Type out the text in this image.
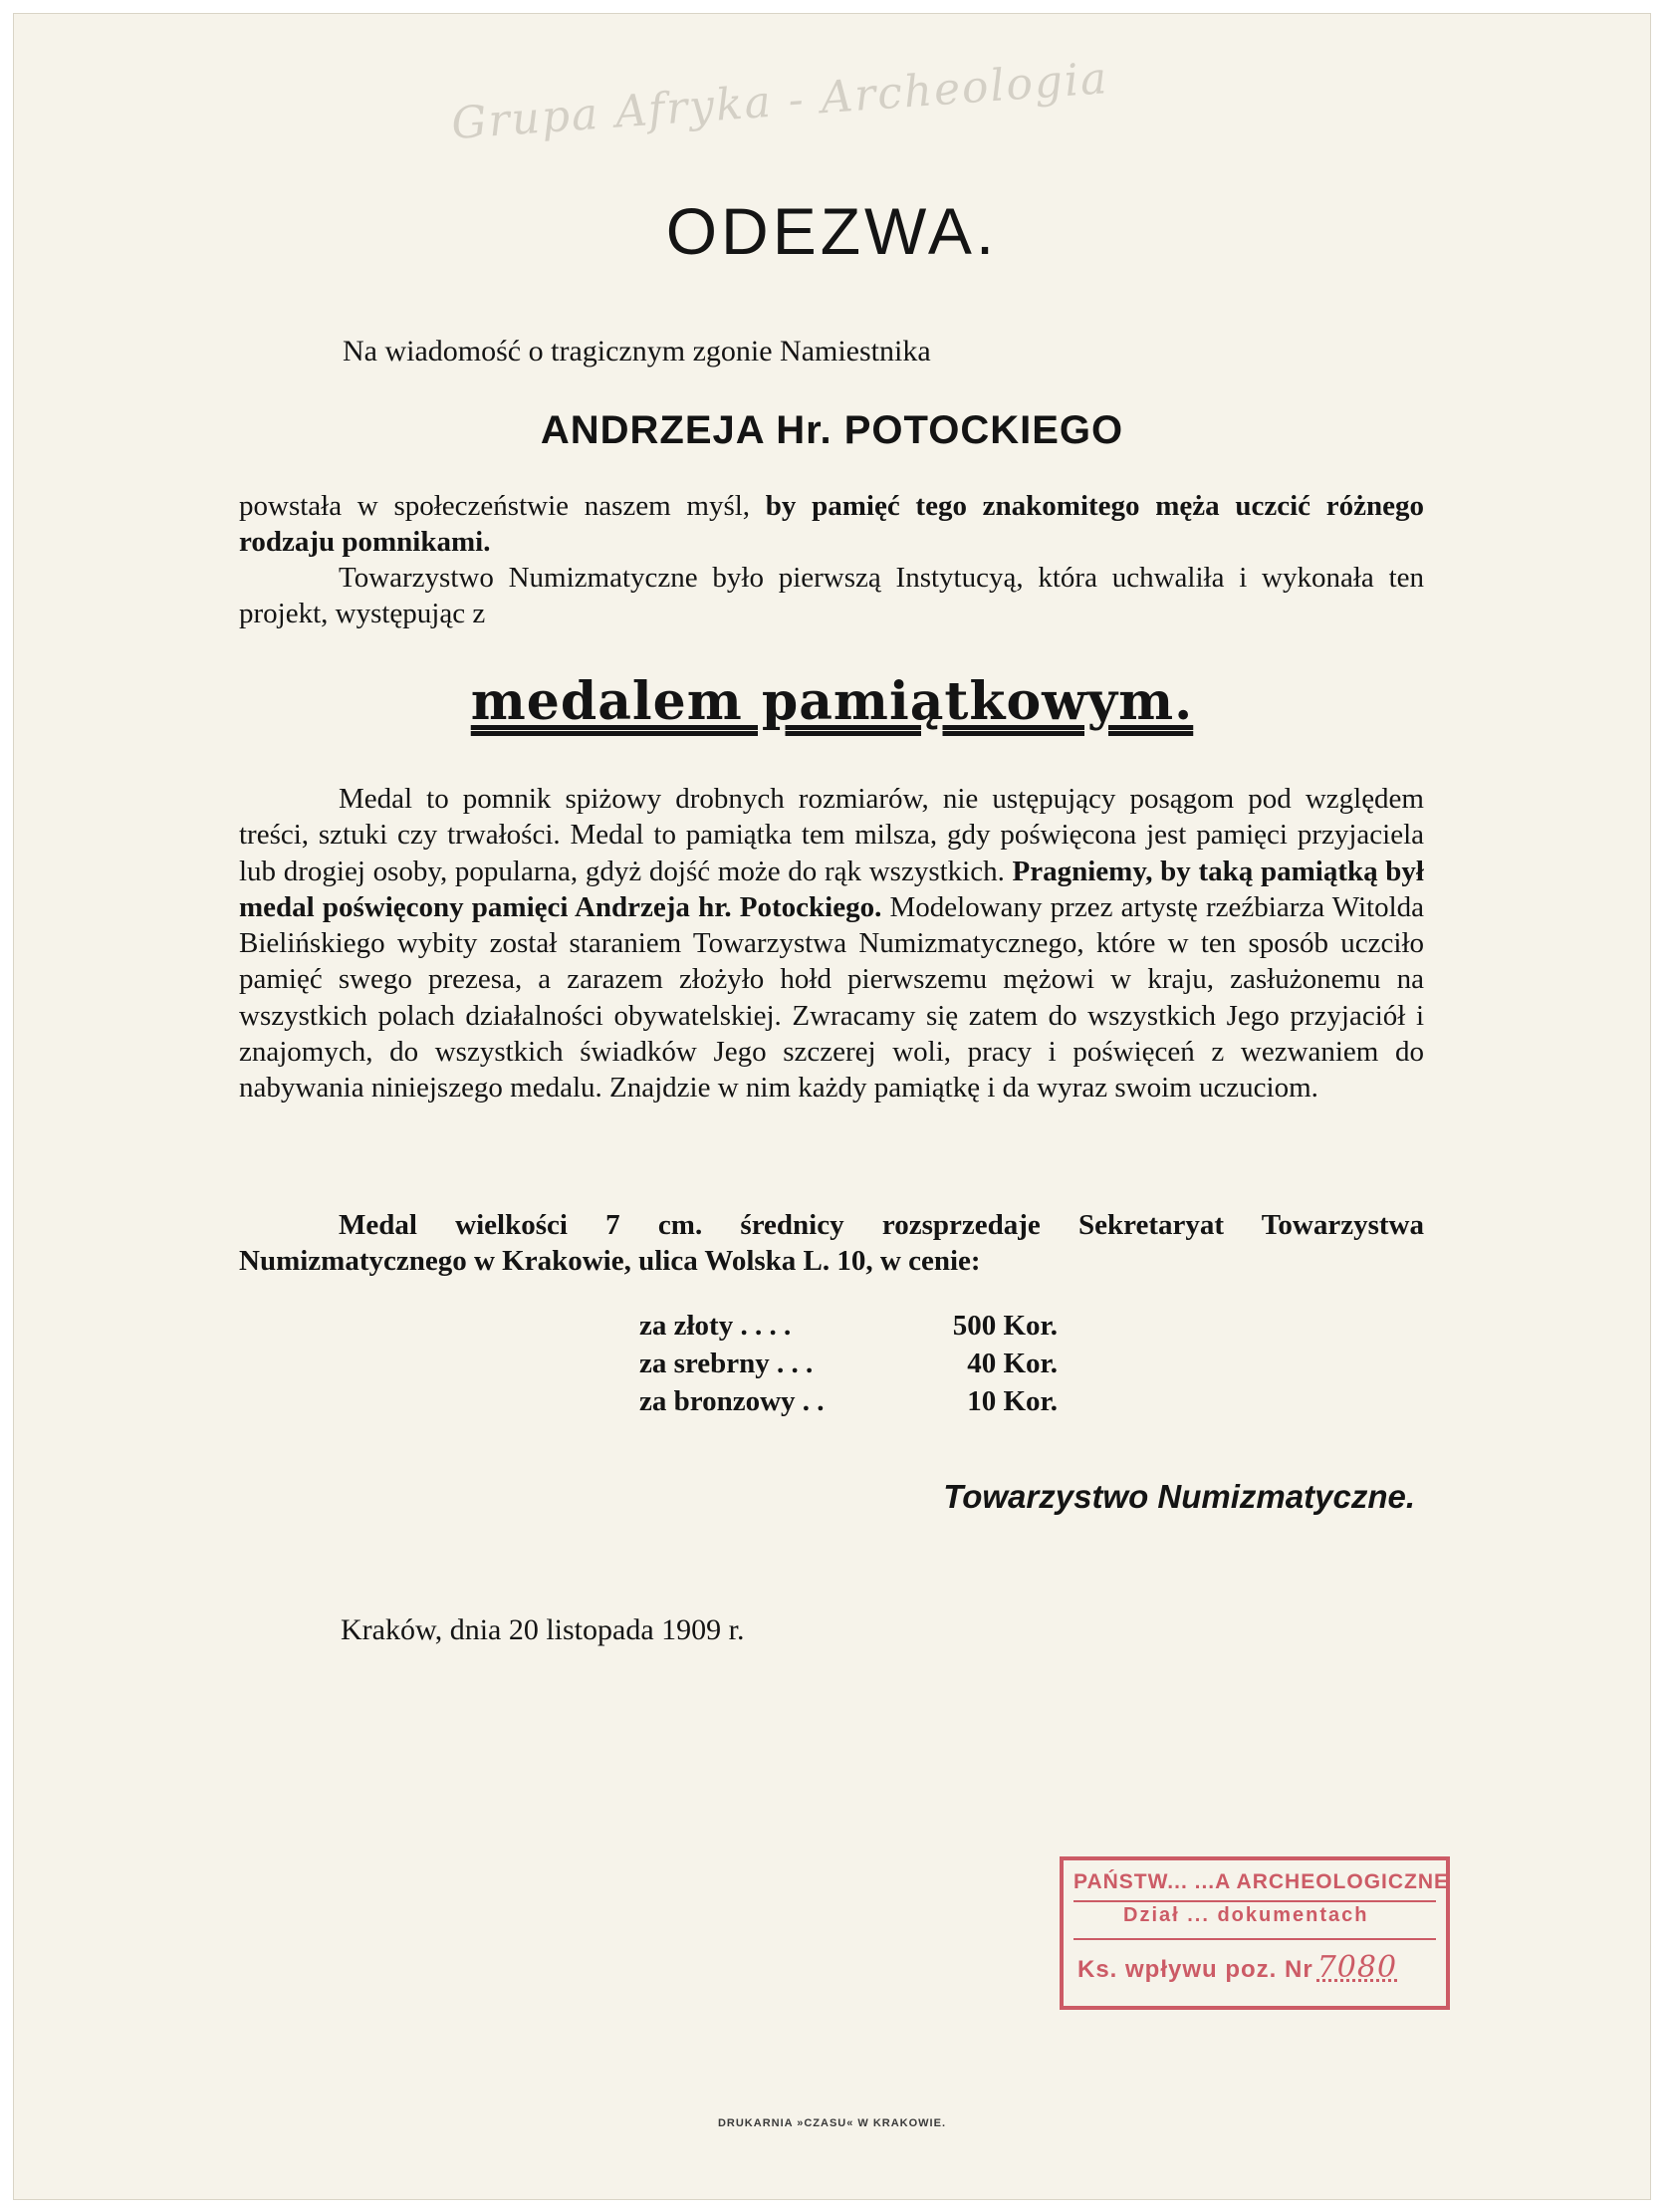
Grupa Afryka - Archeologia
ODEZWA.
Na wiadomość o tragicznym zgonie Namiestnika
ANDRZEJA Hr. POTOCKIEGO

powstała w społeczeństwie naszem myśl, by pamięć tego znakomitego męża uczcić różnego rodzaju pomnikami.

Towarzystwo Numizmatyczne było pierwszą Instytucyą, która uchwaliła i wykonała ten projekt, występując z

medalem pamiątkowym.

Medal to pomnik spiżowy drobnych rozmiarów, nie ustępujący posągom pod względem treści, sztuki czy trwałości. Medal to pamiątka tem milsza, gdy poświęcona jest pamięci przyjaciela lub drogiej osoby, popularna, gdyż dojść może do rąk wszystkich. Pragniemy, by taką pamiątką był medal poświęcony pamięci Andrzeja hr. Potockiego. Modelowany przez artystę rzeźbiarza Witolda Bielińskiego wybity został staraniem Towarzystwa Numizmatycznego, które w ten sposób uczciło pamięć swego prezesa, a zarazem złożyło hołd pierwszemu mężowi w kraju, zasłużonemu na wszystkich polach działalności obywatelskiej. Zwracamy się zatem do wszystkich Jego przyjaciół i znajomych, do wszystkich świadków Jego szczerej woli, pracy i poświęceń z wezwaniem do nabywania niniejszego medalu. Znajdzie w nim każdy pamiątkę i da wyraz swoim uczuciom.

Medal wielkości 7 cm. średnicy rozsprzedaje Sekretaryat Towarzystwa Numizmatycznego w Krakowie, ulica Wolska L. 10, w cenie:

za złoty . . . .	500 Kor.
za srebrny . . .	40 Kor.
za bronzowy . .	10 Kor.
Towarzystwo Numizmatyczne.
Kraków, dnia 20 listopada 1909 r.
PAŃSTW... ...A ARCHEOLOGICZNE
Dział ... dokumentach
Ks. wpływu poz. Nr 7080
DRUKARNIA »CZASU« W KRAKOWIE.
